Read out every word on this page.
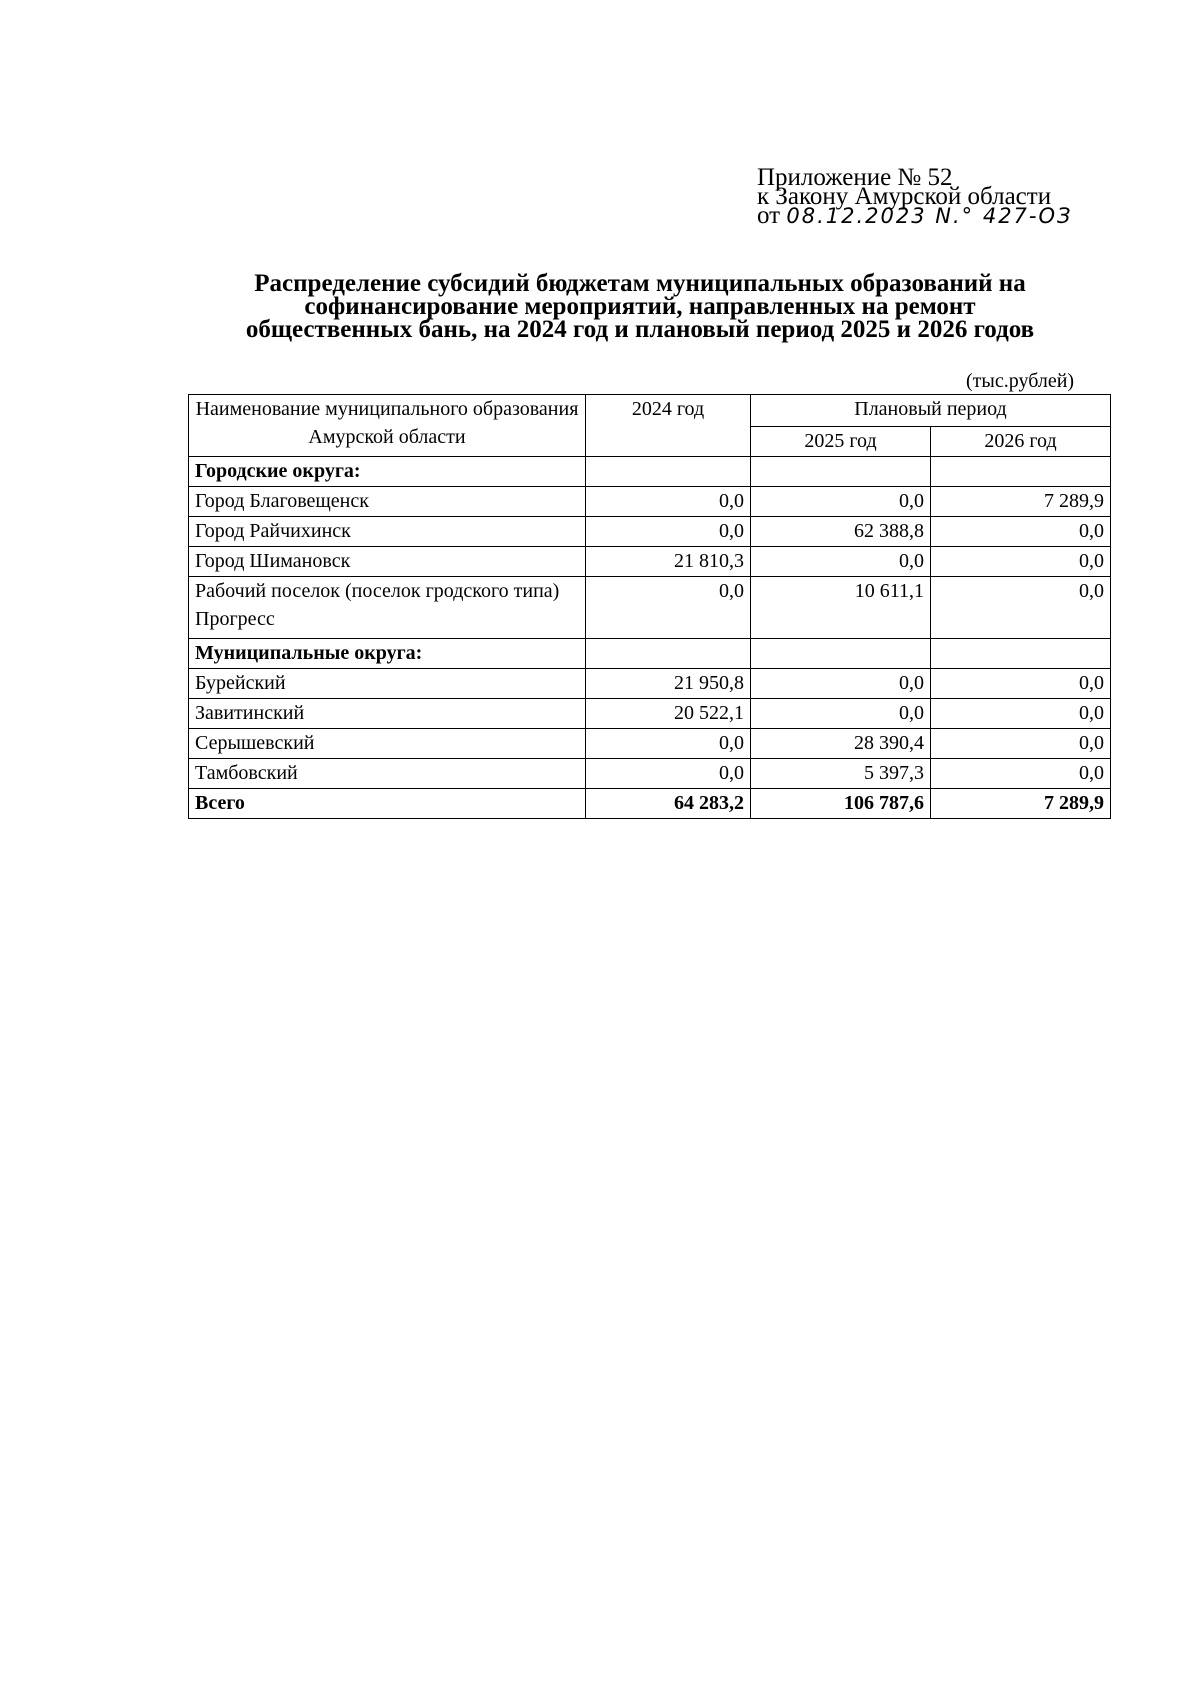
Приложение № 52
к Закону Амурской области
от 08.12.2023 N.° 427-ОЗ
Распределение субсидий бюджетам муниципальных образований на
софинансирование мероприятий, направленных на ремонт
общественных бань, на 2024 год и плановый период 2025 и 2026 годов
(тыс.рублей)
Наименование муниципального образования Амурской области	2024 год	Плановый период	
		2025 год	2026 год
Городские округа:			
Город Благовещенск	0,0	0,0	7 289,9
Город Райчихинск	0,0	62 388,8	0,0
Город Шимановск	21 810,3	0,0	0,0
Рабочий поселок (поселок гродского типа) Прогресс	0,0	10 611,1	0,0
Муниципальные округа:			
Бурейский	21 950,8	0,0	0,0
Завитинский	20 522,1	0,0	0,0
Серышевский	0,0	28 390,4	0,0
Тамбовский	0,0	5 397,3	0,0
Всего	64 283,2	106 787,6	7 289,9
